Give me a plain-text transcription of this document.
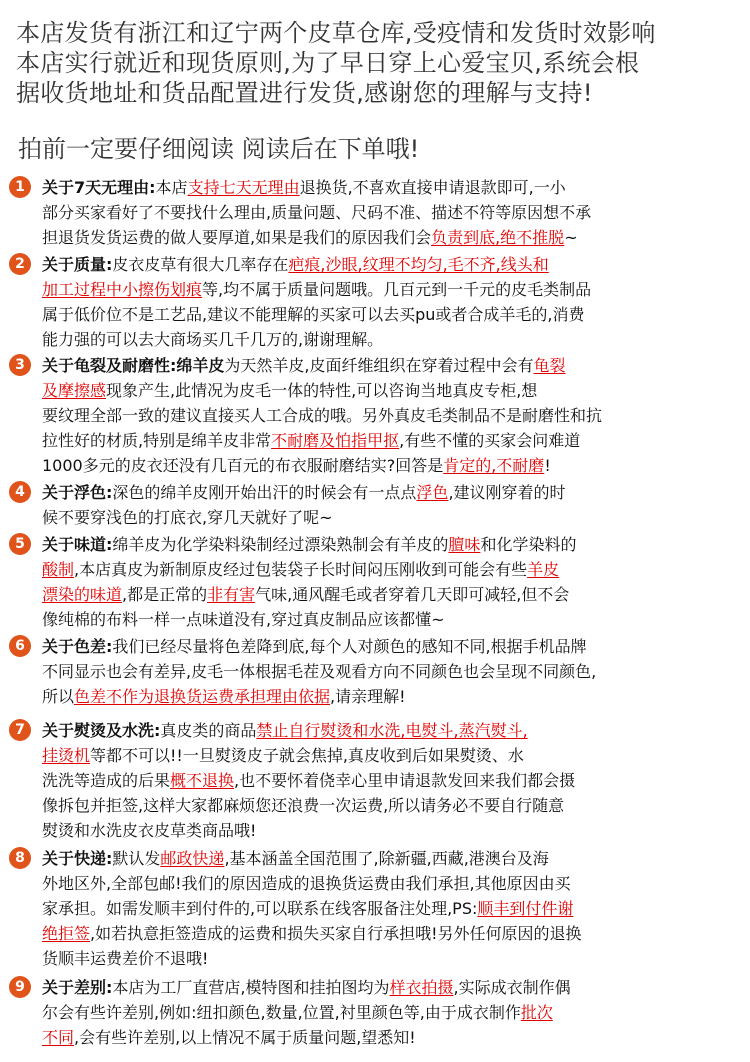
本店发货有浙江和辽宁两个皮草仓库,受疫情和发货时效影响

本店实行就近和现货原则,为了早日穿上心爱宝贝,系统会根

据收货地址和货品配置进行发货,感谢您的理解与支持!

拍前一定要仔细阅读 阅读后在下单哦!
1	关于7天无理由:本店支持七天无理由退换货,不喜欢直接申请退款即可,一小

部分买家看好了不要找什么理由,质量问题、尺码不准、描述不符等原因想不承

担退货发货运费的做人要厚道,如果是我们的原因我们会负责到底,绝不推脱~

2	关于质量:皮衣皮草有很大几率存在疤痕,沙眼,纹理不均匀,毛不齐,线头和

加工过程中小擦伤划痕等,均不属于质量问题哦。几百元到一千元的皮毛类制品

属于低价位不是工艺品,建议不能理解的买家可以去买pu或者合成羊毛的,消费

能力强的可以去大商场买几千几万的,谢谢理解。

3	关于龟裂及耐磨性:绵羊皮为天然羊皮,皮面纤维组织在穿着过程中会有龟裂

及摩擦感现象产生,此情况为皮毛一体的特性,可以咨询当地真皮专柜,想

要纹理全部一致的建议直接买人工合成的哦。另外真皮毛类制品不是耐磨性和抗

拉性好的材质,特别是绵羊皮非常不耐磨及怕指甲抠,有些不懂的买家会问难道

1000多元的皮衣还没有几百元的布衣服耐磨结实?回答是肯定的,不耐磨!

4	关于浮色:深色的绵羊皮刚开始出汗的时候会有一点点浮色,建议刚穿着的时

候不要穿浅色的打底衣,穿几天就好了呢~

5	关于味道:绵羊皮为化学染料染制经过漂染熟制会有羊皮的膻味和化学染料的

酸制,本店真皮为新制原皮经过包装袋子长时间闷压刚收到可能会有些羊皮

漂染的味道,都是正常的非有害气味,通风醒毛或者穿着几天即可减轻,但不会

像纯棉的布料一样一点味道没有,穿过真皮制品应该都懂~

6	关于色差:我们已经尽量将色差降到底,每个人对颜色的感知不同,根据手机品牌

不同显示也会有差异,皮毛一体根据毛茬及观看方向不同颜色也会呈现不同颜色,

所以色差不作为退换货运费承担理由依据,请亲理解!

7	关于熨烫及水洗:真皮类的商品禁止自行熨烫和水洗,电熨斗,蒸汽熨斗,

挂烫机等都不可以!!一旦熨烫皮子就会焦掉,真皮收到后如果熨烫、水

洗洗等造成的后果概不退换,也不要怀着侥幸心里申请退款发回来我们都会摄

像拆包并拒签,这样大家都麻烦您还浪费一次运费,所以请务必不要自行随意

熨烫和水洗皮衣皮草类商品哦!

8	关于快递:默认发邮政快递,基本涵盖全国范围了,除新疆,西藏,港澳台及海

外地区外,全部包邮!我们的原因造成的退换货运费由我们承担,其他原因由买

家承担。如需发顺丰到付件的,可以联系在线客服备注处理,PS:顺丰到付件谢

绝拒签,如若执意拒签造成的运费和损失买家自行承担哦!另外任何原因的退换

货顺丰运费差价不退哦!

9	关于差别:本店为工厂直营店,模特图和挂拍图均为样衣拍摄,实际成衣制作偶

尔会有些许差别,例如:纽扣颜色,数量,位置,衬里颜色等,由于成衣制作批次

不同,会有些许差别,以上情况不属于质量问题,望悉知!
